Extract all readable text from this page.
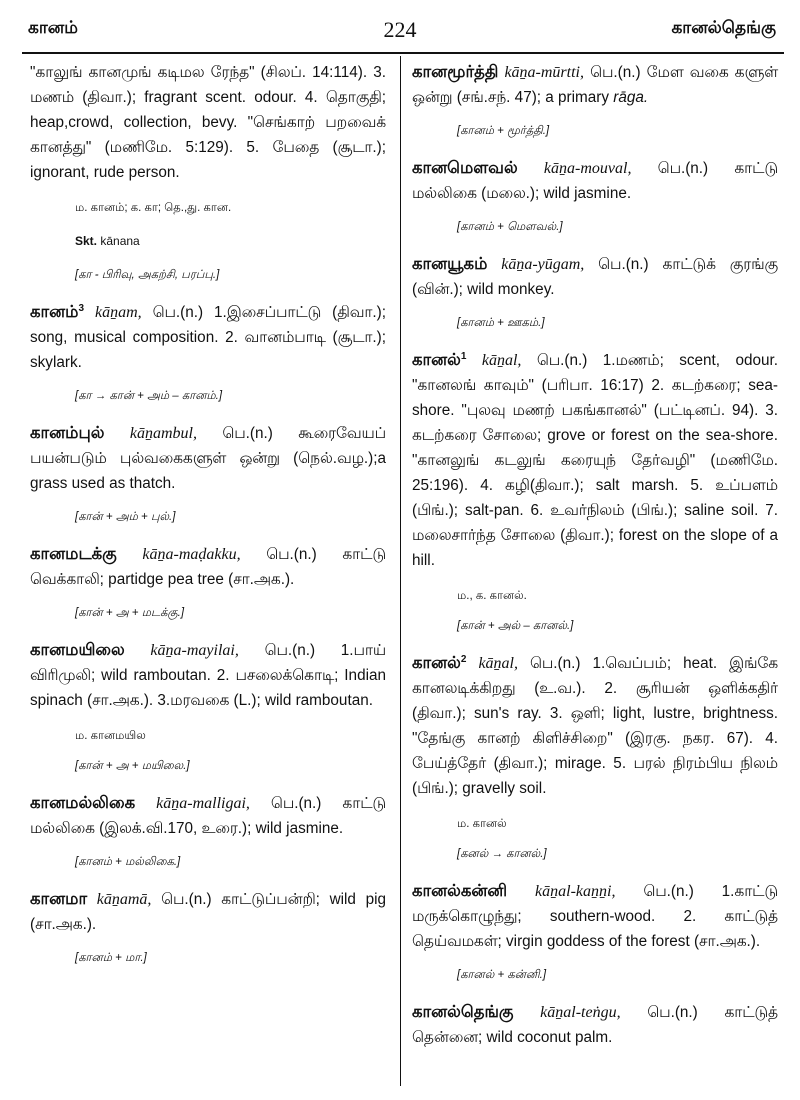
கானம்	224	கானல்தெங்கு
"காலுங் கானமுங் கடிமல ரேந்த" (சிலப். 14:114). 3. மணம் (திவா.); fragrant scent. odour. 4. தொகுதி; heap,crowd, collection, bevy. "செங்காற் பறவைக் கானத்து" (மணிமே. 5:129). 5. பேதை (சூடா.); ignorant, rude person.
ம. கானம்; க. கா; தெ.,து. கான.
Skt. kānana
[கா - பிரிவு, அகற்சி, பரப்பு.]
கானம்$^3$ kāṉam, பெ.(n.) 1.இசைப்பாட்டு (திவா.); song, musical composition. 2. வானம்பாடி (சூடா.); skylark.
[கா → கான் + அம் – கானம்.]
கானம்புல் kāṉambul, பெ.(n.) கூரைவேயப் பயன்படும் புல்வகைகளுள் ஒன்று (நெல்.வழ.);a grass used as thatch.
[கான் + அம் + புல்.]
கானமடக்கு kāṉa-maḍakku, பெ.(n.) காட்டு வெக்காலி; partidge pea tree (சா.அக.).
[கான் + அ + மடக்கு.]
கானமயிலை kāṉa-mayilai, பெ.(n.) 1.பாய் விரிமுலி; wild ramboutan. 2. பசலைக்கொடி; Indian spinach (சா.அக.). 3.மரவகை (L.); wild ramboutan.
ம. கானமயில
[கான் + அ + மயிலை.]
கானமல்லிகை kāṉa-malligai, பெ.(n.) காட்டு மல்லிகை (இலக்.வி.170, உரை.); wild jasmine.
[கானம் + மல்லிகை.]
கானமா kāṉamā, பெ.(n.) காட்டுப்பன்றி; wild pig (சா.அக.).
[கானம் + மா.]
கானமூர்த்தி kāṉa-mūrtti, பெ.(n.) மேள வகை களுள் ஒன்று (சங்.சந். 47); a primary rāga.
[கானம் + மூர்த்தி.]
கானமௌவல் kāṉa-mouval, பெ.(n.) காட்டு மல்லிகை (மலை.); wild jasmine.
[கானம் + மௌவல்.]
கானயூகம் kāṉa-yūgam, பெ.(n.) காட்டுக் குரங்கு (வின்.); wild monkey.
[கானம் + ஊகம்.]
கானல்$^1$ kāṉal, பெ.(n.) 1.மணம்; scent, odour. "கானலங் காவும்" (பரிபா. 16:17) 2. கடற்கரை; sea-shore. "புலவு மணற் பகங்கானல்" (பட்டினப். 94). 3. கடற்கரை சோலை; grove or forest on the sea-shore. "கானலுங் கடலுங் கரையுந் தேர்வழி" (மணிமே. 25:196). 4. கழி(திவா.); salt marsh. 5. உப்பளம் (பிங்.); salt-pan. 6. உவர்நிலம் (பிங்.); saline soil. 7. மலைசார்ந்த சோலை (திவா.); forest on the slope of a hill.
ம., க. கானல்.
[கான் + அல் – கானல்.]
கானல்$^2$ kāṉal, பெ.(n.) 1.வெப்பம்; heat. இங்கே கானலடிக்கிறது (உ.வ.). 2. சூரியன் ஒளிக்கதிர் (திவா.); sun's ray. 3. ஒளி; light, lustre, brightness. "தேங்கு கானற் கிளிச்சிறை" (இரகு. நகர. 67). 4. பேய்த்தேர் (திவா.); mirage. 5. பரல் நிரம்பிய நிலம் (பிங்.); gravelly soil.
ம. கானல்
[கனல் → கானல்.]
கானல்கன்னி kāṉal-kaṉṉi, பெ.(n.) 1.காட்டு மருக்கொழுந்து; southern-wood. 2. காட்டுத் தெய்வமகள்; virgin goddess of the forest (சா.அக.).
[கானல் + கன்னி.]
கானல்தெங்கு kāṉal-teṅgu, பெ.(n.) காட்டுத் தென்னை; wild coconut palm.
